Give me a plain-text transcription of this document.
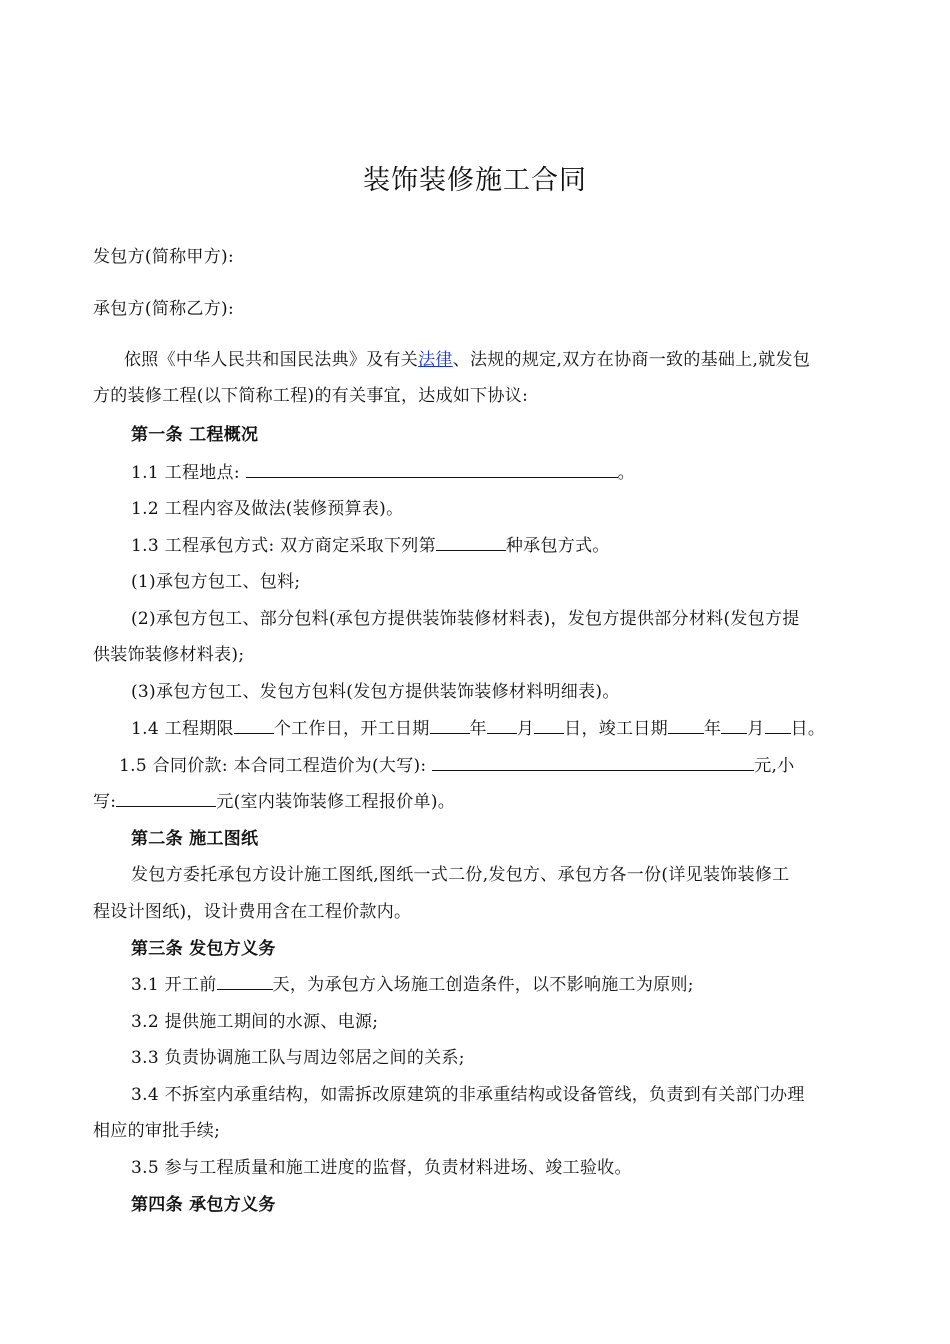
装饰装修施工合同
发包方(简称甲方):
承包方(简称乙方):
依照《中华人民共和国民法典》及有关法律、法规的规定,双方在协商一致的基础上,就发包
方的装修工程(以下简称工程)的有关事宜，达成如下协议:
第一条 工程概况
1.1 工程地点:	。
1.2 工程内容及做法(装修预算表)。
1.3 工程承包方式: 双方商定采取下列第	种承包方式。
(1)承包方包工、包料;
(2)承包方包工、部分包料(承包方提供装饰装修材料表)，发包方提供部分材料(发包方提
供装饰装修材料表);
(3)承包方包工、发包方包料(发包方提供装饰装修材料明细表)。
1.4 工程期限 个工作日，开工日期 年 月 日，竣工日期 年 月 日。
1.5 合同价款: 本合同工程造价为(大写):	元,小
写:	元(室内装饰装修工程报价单)。
第二条 施工图纸
发包方委托承包方设计施工图纸,图纸一式二份,发包方、承包方各一份(详见装饰装修工
程设计图纸)，设计费用含在工程价款内。
第三条 发包方义务
3.1 开工前	天，为承包方入场施工创造条件，以不影响施工为原则;
3.2 提供施工期间的水源、电源;
3.3 负责协调施工队与周边邻居之间的关系;
3.4 不拆室内承重结构，如需拆改原建筑的非承重结构或设备管线，负责到有关部门办理
相应的审批手续;
3.5 参与工程质量和施工进度的监督，负责材料进场、竣工验收。
第四条 承包方义务
